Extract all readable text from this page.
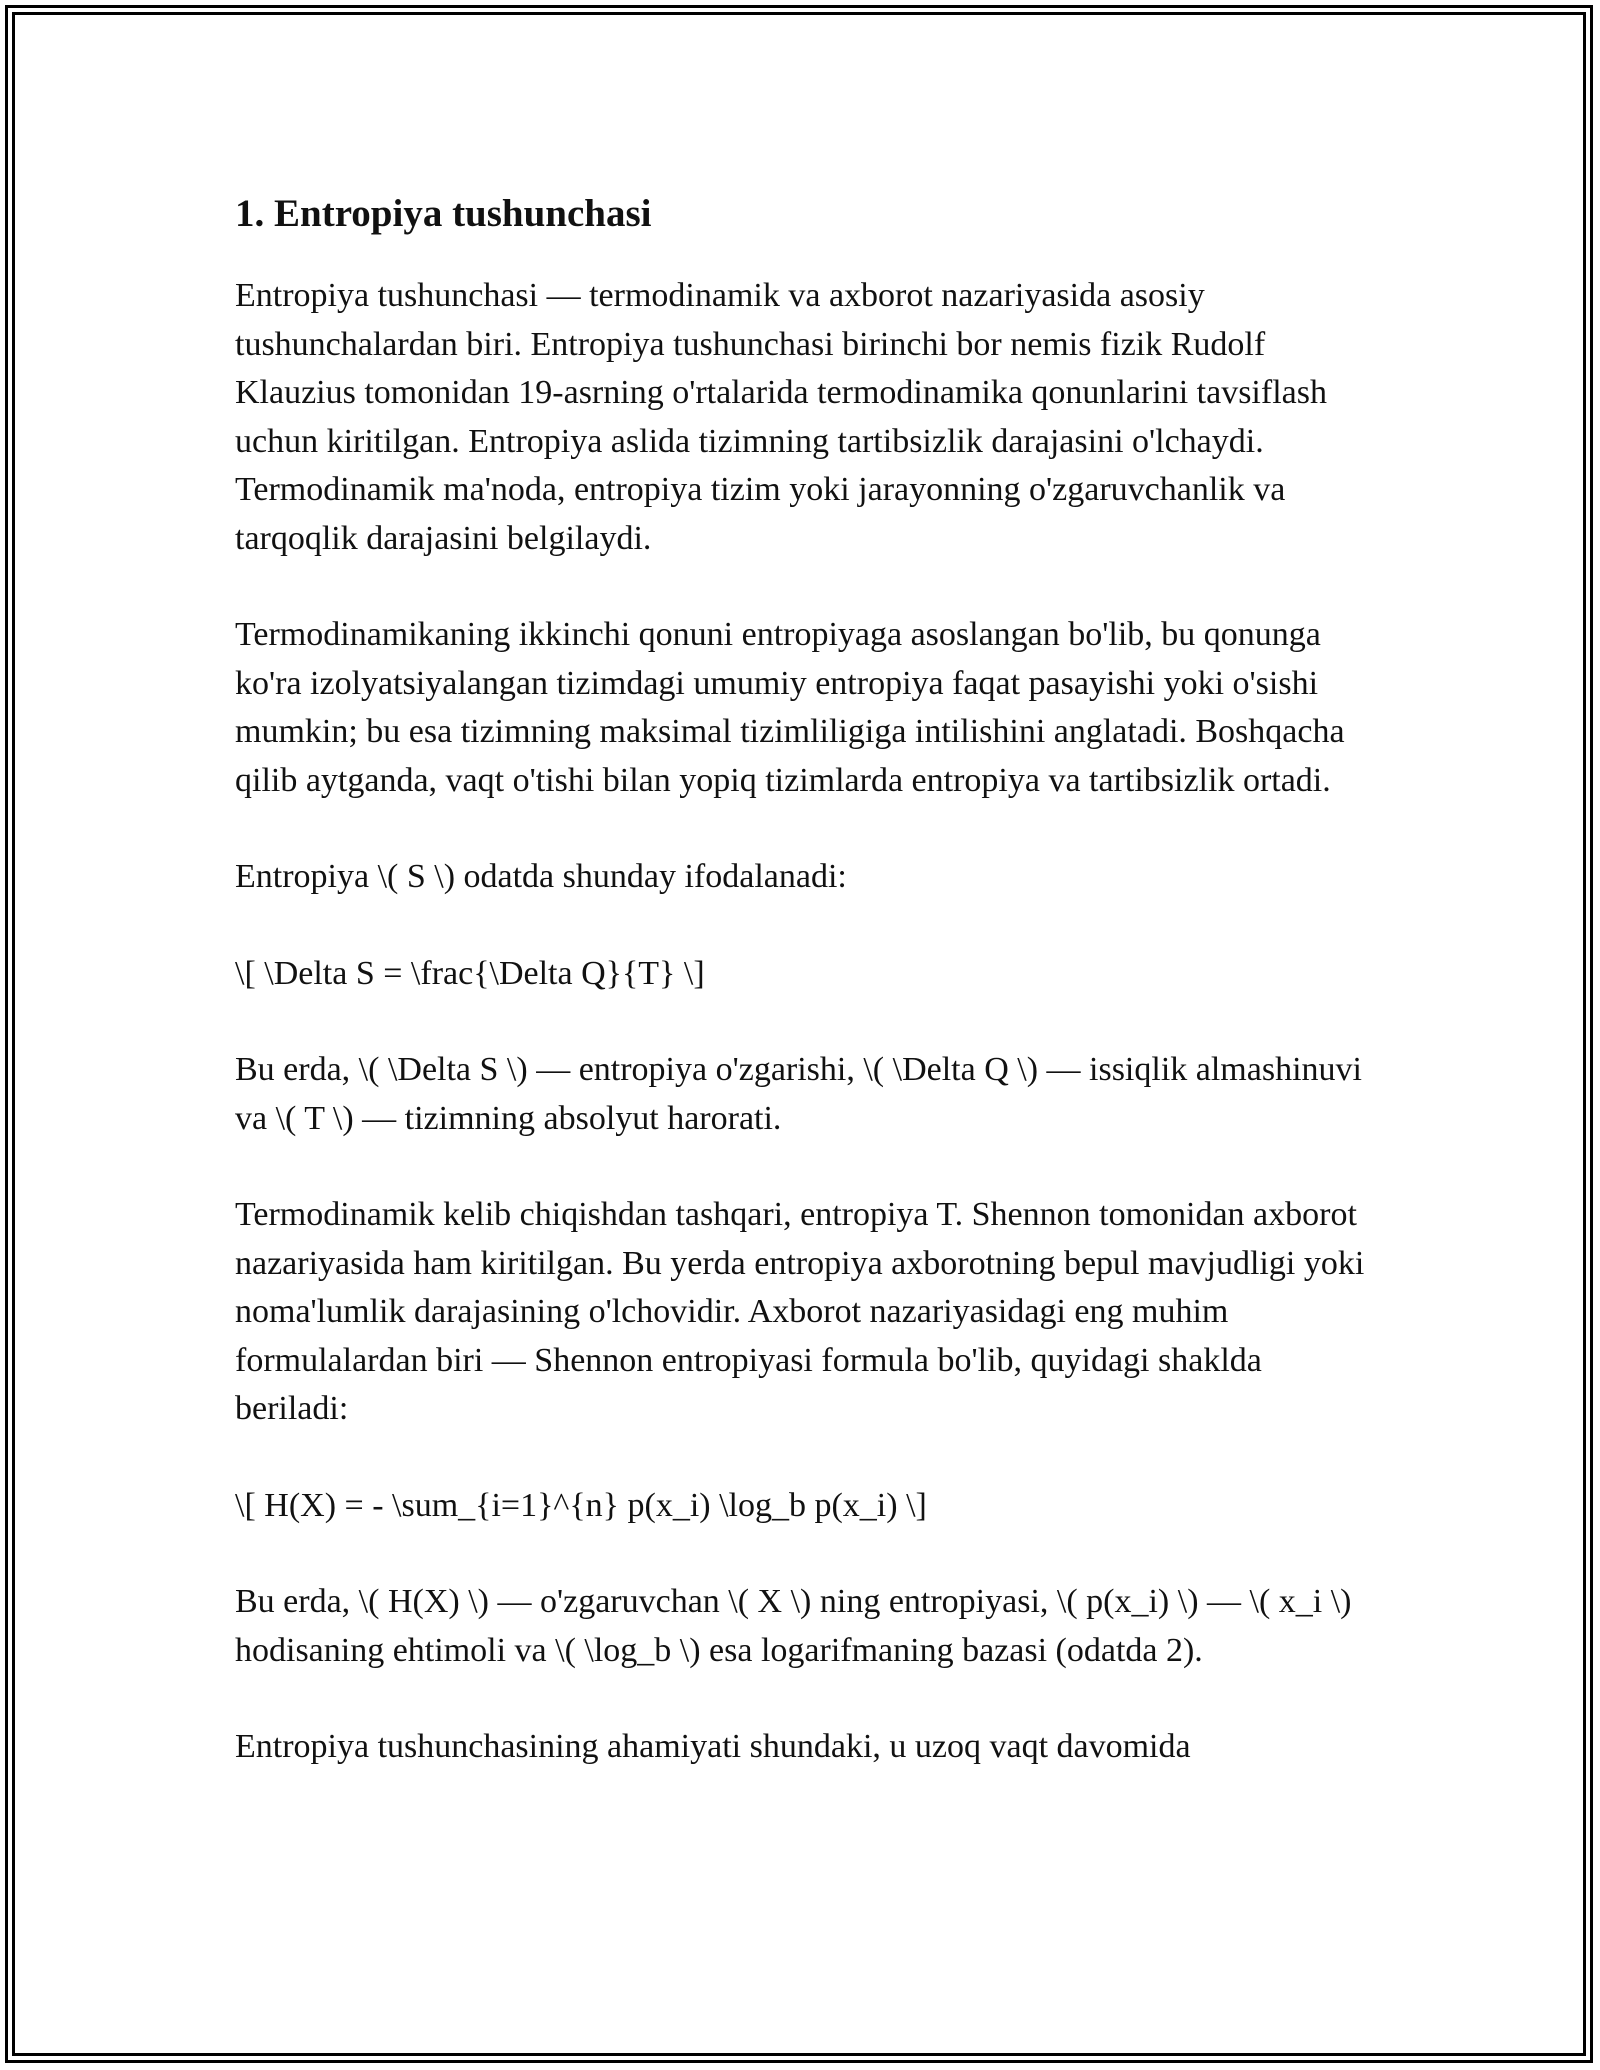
1. Entropiya tushunchasi

Entropiya tushunchasi — termodinamik va axborot nazariyasida asosiy tushunchalardan biri. Entropiya tushunchasi birinchi bor nemis fizik Rudolf Klauzius tomonidan 19-asrning o'rtalarida termodinamika qonunlarini tavsiflash uchun kiritilgan. Entropiya aslida tizimning tartibsizlik darajasini o'lchaydi. Termodinamik ma'noda, entropiya tizim yoki jarayonning o'zgaruvchanlik va tarqoqlik darajasini belgilaydi.

Termodinamikaning ikkinchi qonuni entropiyaga asoslangan bo'lib, bu qonunga ko'ra izolyatsiyalangan tizimdagi umumiy entropiya faqat pasayishi yoki o'sishi mumkin; bu esa tizimning maksimal tizimliligiga intilishini anglatadi. Boshqacha qilib aytganda, vaqt o'tishi bilan yopiq tizimlarda entropiya va tartibsizlik ortadi.

Entropiya \( S \) odatda shunday ifodalanadi:

\[ \Delta S = \frac{\Delta Q}{T} \]

Bu erda, \( \Delta S \) — entropiya o'zgarishi, \( \Delta Q \) — issiqlik almashinuvi va \( T \) — tizimning absolyut harorati.

Termodinamik kelib chiqishdan tashqari, entropiya T. Shennon tomonidan axborot nazariyasida ham kiritilgan. Bu yerda entropiya axborotning bepul mavjudligi yoki noma'lumlik darajasining o'lchovidir. Axborot nazariyasidagi eng muhim formulalardan biri — Shennon entropiyasi formula bo'lib, quyidagi shaklda beriladi:

\[ H(X) = - \sum_{i=1}^{n} p(x_i) \log_b p(x_i) \]

Bu erda, \( H(X) \) — o'zgaruvchan \( X \) ning entropiyasi, \( p(x_i) \) — \( x_i \) hodisaning ehtimoli va \( \log_b \) esa logarifmaning bazasi (odatda 2).

Entropiya tushunchasining ahamiyati shundaki, u uzoq vaqt davomida
